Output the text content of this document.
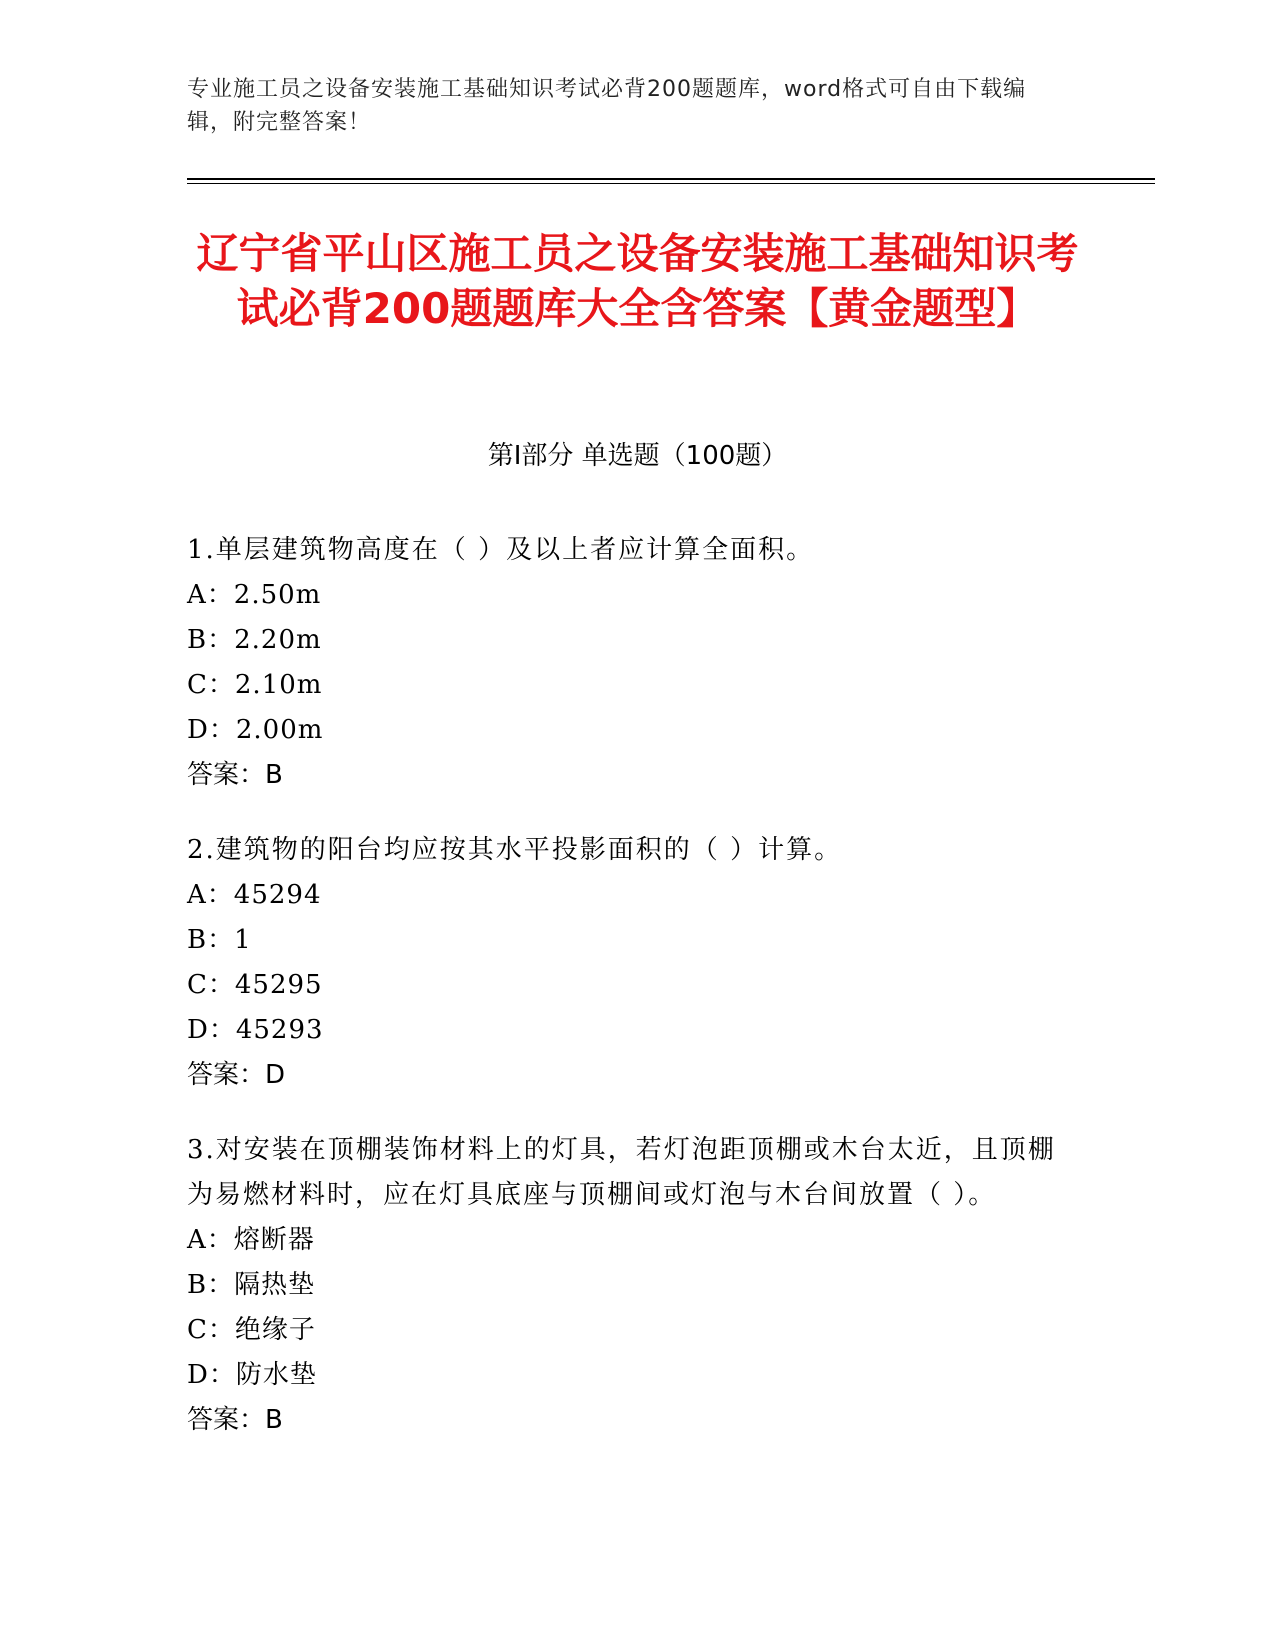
专业施工员之设备安装施工基础知识考试必背200题题库，word格式可自由下载编辑，附完整答案！
辽宁省平山区施工员之设备安装施工基础知识考试必背200题题库大全含答案【黄金题型】
第Ⅰ部分 单选题（100题）
1.单层建筑物高度在（ ）及以上者应计算全面积。
A：2.50m
B：2.20m
C：2.10m
D：2.00m
答案：B
2.建筑物的阳台均应按其水平投影面积的（ ）计算。
A：45294
B：1
C：45295
D：45293
答案：D
3.对安装在顶棚装饰材料上的灯具，若灯泡距顶棚或木台太近，且顶棚为易燃材料时，应在灯具底座与顶棚间或灯泡与木台间放置（ ）。
A：熔断器
B：隔热垫
C：绝缘子
D：防水垫
答案：B
